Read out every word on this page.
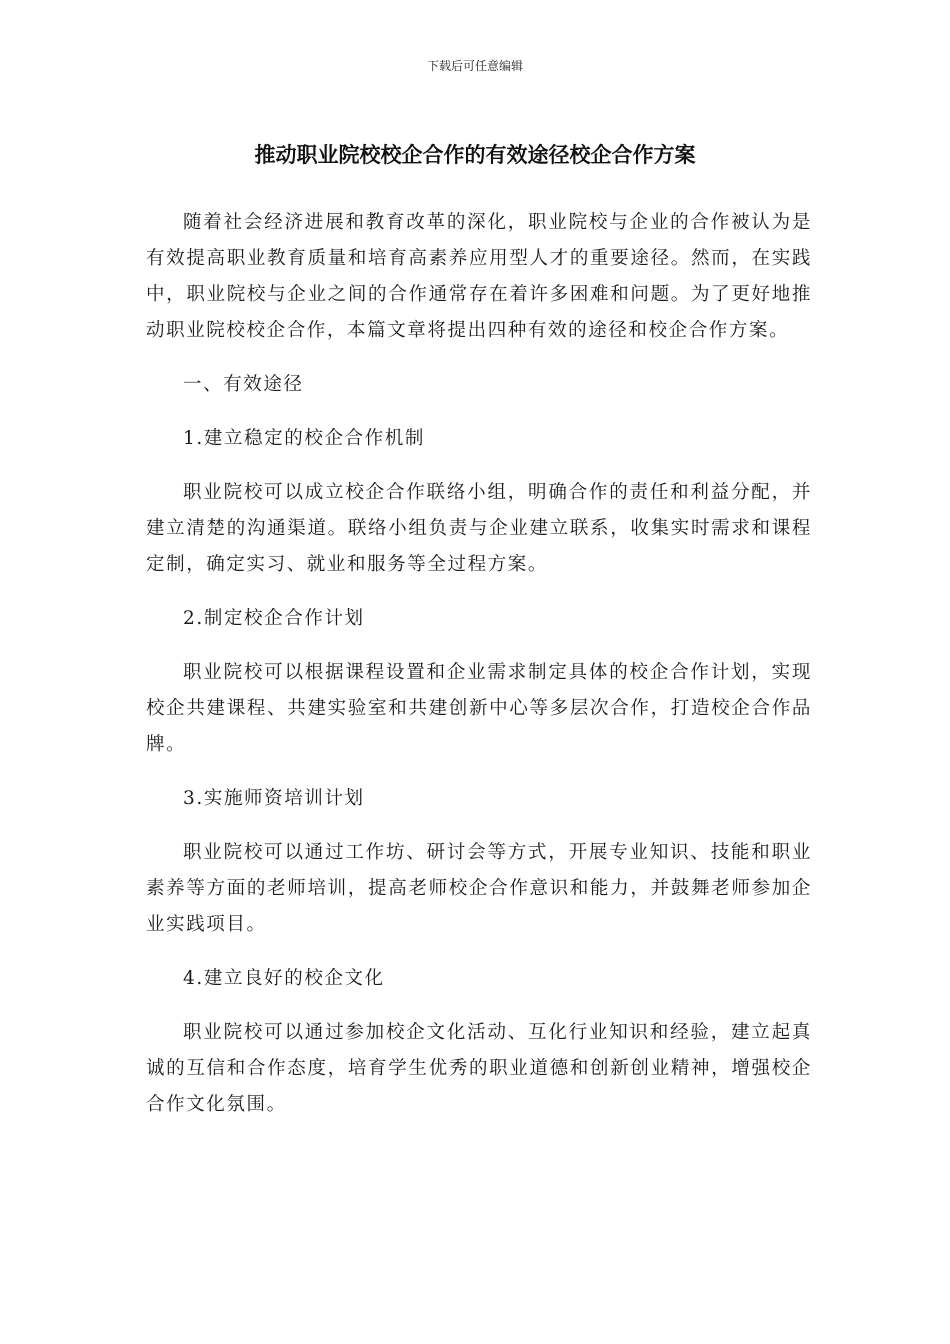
下载后可任意编辑
推动职业院校校企合作的有效途径校企合作方案

随着社会经济进展和教育改革的深化，职业院校与企业的合作被认为是有效提高职业教育质量和培育高素养应用型人才的重要途径。然而，在实践中，职业院校与企业之间的合作通常存在着许多困难和问题。为了更好地推动职业院校校企合作，本篇文章将提出四种有效的途径和校企合作方案。

一、有效途径

1.建立稳定的校企合作机制

职业院校可以成立校企合作联络小组，明确合作的责任和利益分配，并建立清楚的沟通渠道。联络小组负责与企业建立联系，收集实时需求和课程定制，确定实习、就业和服务等全过程方案。

2.制定校企合作计划

职业院校可以根据课程设置和企业需求制定具体的校企合作计划，实现校企共建课程、共建实验室和共建创新中心等多层次合作，打造校企合作品牌。

3.实施师资培训计划

职业院校可以通过工作坊、研讨会等方式，开展专业知识、技能和职业素养等方面的老师培训，提高老师校企合作意识和能力，并鼓舞老师参加企业实践项目。

4.建立良好的校企文化

职业院校可以通过参加校企文化活动、互化行业知识和经验，建立起真诚的互信和合作态度，培育学生优秀的职业道德和创新创业精神，增强校企合作文化氛围。
